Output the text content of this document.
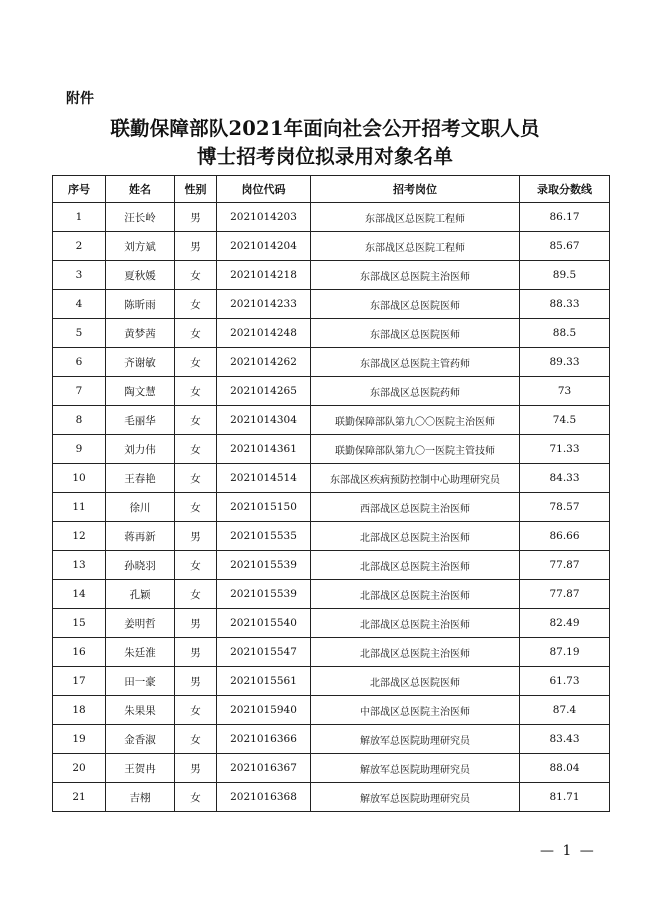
附件
联勤保障部队2021年面向社会公开招考文职人员
博士招考岗位拟录用对象名单
序号	姓名	性别	岗位代码	招考岗位	录取分数线
1	汪长岭	男	2021014203	东部战区总医院工程师	86.17
2	刘方斌	男	2021014204	东部战区总医院工程师	85.67
3	夏秋媛	女	2021014218	东部战区总医院主治医师	89.5
4	陈昕雨	女	2021014233	东部战区总医院医师	88.33
5	黄梦茜	女	2021014248	东部战区总医院医师	88.5
6	齐谢敏	女	2021014262	东部战区总医院主管药师	89.33
7	陶文慧	女	2021014265	东部战区总医院药师	73
8	毛丽华	女	2021014304	联勤保障部队第九〇〇医院主治医师	74.5
9	刘力伟	女	2021014361	联勤保障部队第九〇一医院主管技师	71.33
10	王春艳	女	2021014514	东部战区疾病预防控制中心助理研究员	84.33
11	徐川	女	2021015150	西部战区总医院主治医师	78.57
12	蒋再新	男	2021015535	北部战区总医院主治医师	86.66
13	孙晓羽	女	2021015539	北部战区总医院主治医师	77.87
14	孔颖	女	2021015539	北部战区总医院主治医师	77.87
15	姜明哲	男	2021015540	北部战区总医院主治医师	82.49
16	朱廷淮	男	2021015547	北部战区总医院主治医师	87.19
17	田一豪	男	2021015561	北部战区总医院医师	61.73
18	朱果果	女	2021015940	中部战区总医院主治医师	87.4
19	金香淑	女	2021016366	解放军总医院助理研究员	83.43
20	王贺冉	男	2021016367	解放军总医院助理研究员	88.04
21	吉栩	女	2021016368	解放军总医院助理研究员	81.71
— 1 —
